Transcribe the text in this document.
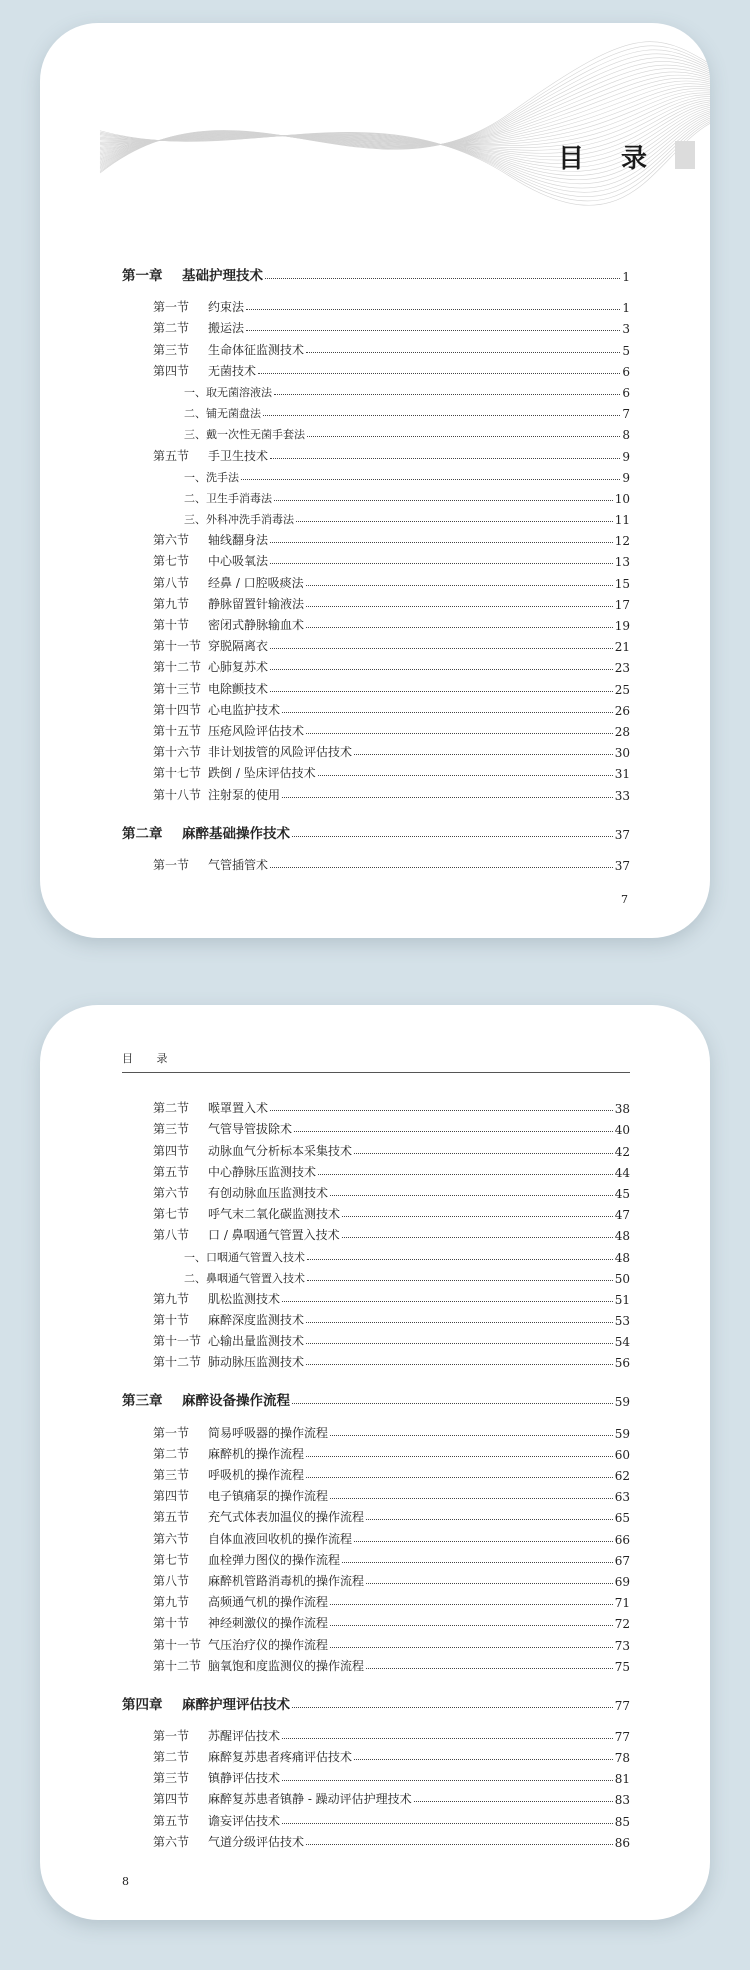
目 录
第一章	基础护理技术	1
第一节	约束法	1
第二节	搬运法	3
第三节	生命体征监测技术	5
第四节	无菌技术	6
一、取无菌溶液法	6
二、铺无菌盘法	7
三、戴一次性无菌手套法	8
第五节	手卫生技术	9
一、洗手法	9
二、卫生手消毒法	10
三、外科冲洗手消毒法	11
第六节	轴线翻身法	12
第七节	中心吸氧法	13
第八节	经鼻 / 口腔吸痰法	15
第九节	静脉留置针输液法	17
第十节	密闭式静脉输血术	19
第十一节 穿脱隔离衣	21
第十二节 心肺复苏术	23
第十三节 电除颤技术	25
第十四节 心电监护技术	26
第十五节 压疮风险评估技术	28
第十六节 非计划拔管的风险评估技术	30
第十七节 跌倒 / 坠床评估技术	31
第十八节 注射泵的使用	33
第二章	麻醉基础操作技术	37
第一节	气管插管术	37
7
目 录
第二节	喉罩置入术	38
第三节	气管导管拔除术	40
第四节	动脉血气分析标本采集技术	42
第五节	中心静脉压监测技术	44
第六节	有创动脉血压监测技术	45
第七节	呼气末二氧化碳监测技术	47
第八节	口 / 鼻咽通气管置入技术	48
一、口咽通气管置入技术	48
二、鼻咽通气管置入技术	50
第九节	肌松监测技术	51
第十节	麻醉深度监测技术	53
第十一节 心输出量监测技术	54
第十二节 肺动脉压监测技术	56
第三章	麻醉设备操作流程	59
第一节	简易呼吸器的操作流程	59
第二节	麻醉机的操作流程	60
第三节	呼吸机的操作流程	62
第四节	电子镇痛泵的操作流程	63
第五节	充气式体表加温仪的操作流程	65
第六节	自体血液回收机的操作流程	66
第七节	血栓弹力图仪的操作流程	67
第八节	麻醉机管路消毒机的操作流程	69
第九节	高频通气机的操作流程	71
第十节	神经刺激仪的操作流程	72
第十一节 气压治疗仪的操作流程	73
第十二节 脑氧饱和度监测仪的操作流程	75
第四章	麻醉护理评估技术	77
第一节	苏醒评估技术	77
第二节	麻醉复苏患者疼痛评估技术	78
第三节	镇静评估技术	81
第四节	麻醉复苏患者镇静 - 躁动评估护理技术	83
第五节	谵妄评估技术	85
第六节	气道分级评估技术	86
8
